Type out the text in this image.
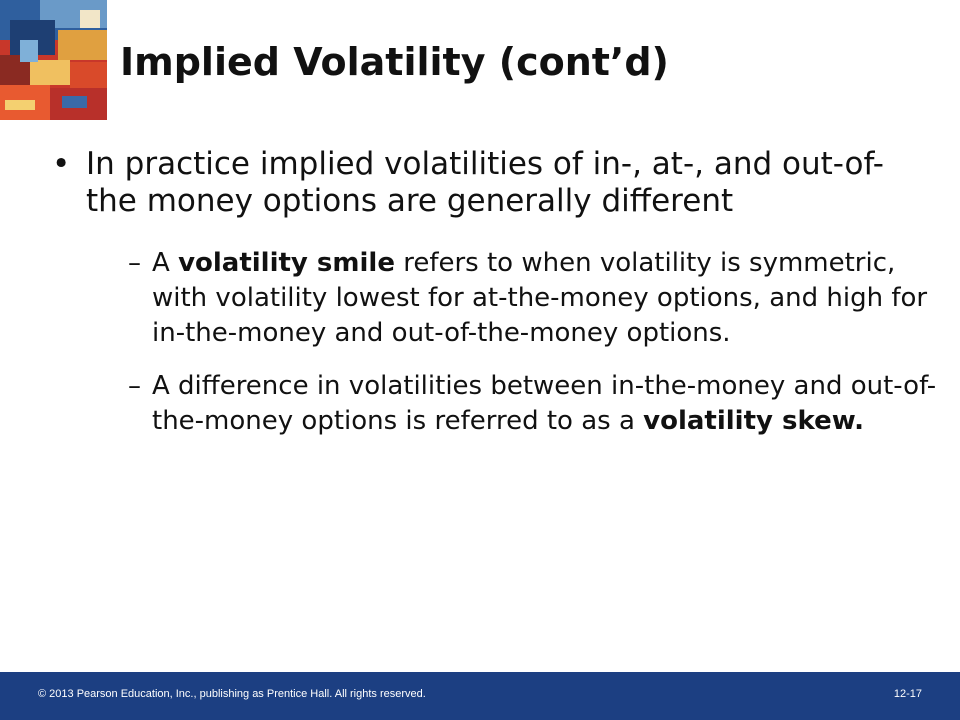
Implied Volatility (cont’d)
• In practice implied volatilities of in-, at-, and out-of-the money options are generally different
– A volatility smile refers to when volatility is symmetric, with volatility lowest for at-the-money options, and high for in-the-money and out-of-the-money options.
– A difference in volatilities between in-the-money and out-of-the-money options is referred to as a volatility skew.
© 2013 Pearson Education, Inc., publishing as Prentice Hall. All rights reserved.	12-17
